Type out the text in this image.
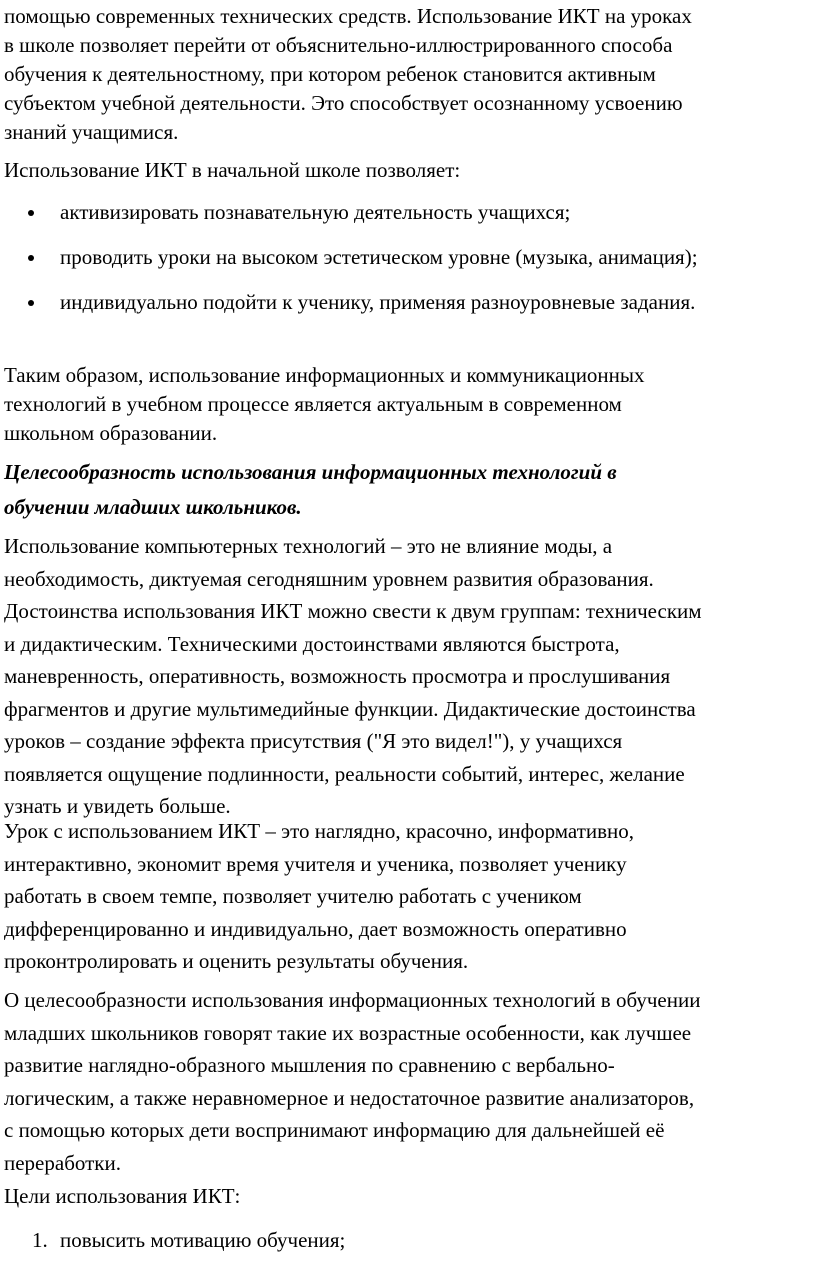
помощью современных технических средств. Использование ИКТ на уроках

в школе позволяет перейти от объяснительно-иллюстрированного способа

обучения к деятельностному, при котором ребенок становится активным

субъектом учебной деятельности. Это способствует осознанному усвоению

знаний учащимися.

Использование ИКТ в начальной школе позволяет:

активизировать познавательную деятельность учащихся;
проводить уроки на высоком эстетическом уровне (музыка, анимация);
индивидуально подойти к ученику, применяя разноуровневые задания.

Таким образом, использование информационных и коммуникационных

технологий в учебном процессе является актуальным в современном

школьном образовании.

Целесообразность использования информационных технологий в

обучении младших школьников.

Использование компьютерных технологий – это не влияние моды, а

необходимость, диктуемая сегодняшним уровнем развития образования.

Достоинства использования ИКТ можно свести к двум группам: техническим

и дидактическим. Техническими достоинствами являются быстрота,

маневренность, оперативность, возможность просмотра и прослушивания

фрагментов и другие мультимедийные функции. Дидактические достоинства

уроков – создание эффекта присутствия ("Я это видел!"), у учащихся

появляется ощущение подлинности, реальности событий, интерес, желание

узнать и увидеть больше.

Урок с использованием ИКТ – это наглядно, красочно, информативно,

интерактивно, экономит время учителя и ученика, позволяет ученику

работать в своем темпе, позволяет учителю работать с учеником

дифференцированно и индивидуально, дает возможность оперативно

проконтролировать и оценить результаты обучения.

О целесообразности использования информационных технологий в обучении

младших школьников говорят такие их возрастные особенности, как лучшее

развитие наглядно-образного мышления по сравнению с вербально-

логическим, а также неравномерное и недостаточное развитие анализаторов,

с помощью которых дети воспринимают информацию для дальнейшей её

переработки.

Цели использования ИКТ:

1. повысить мотивацию обучения;
